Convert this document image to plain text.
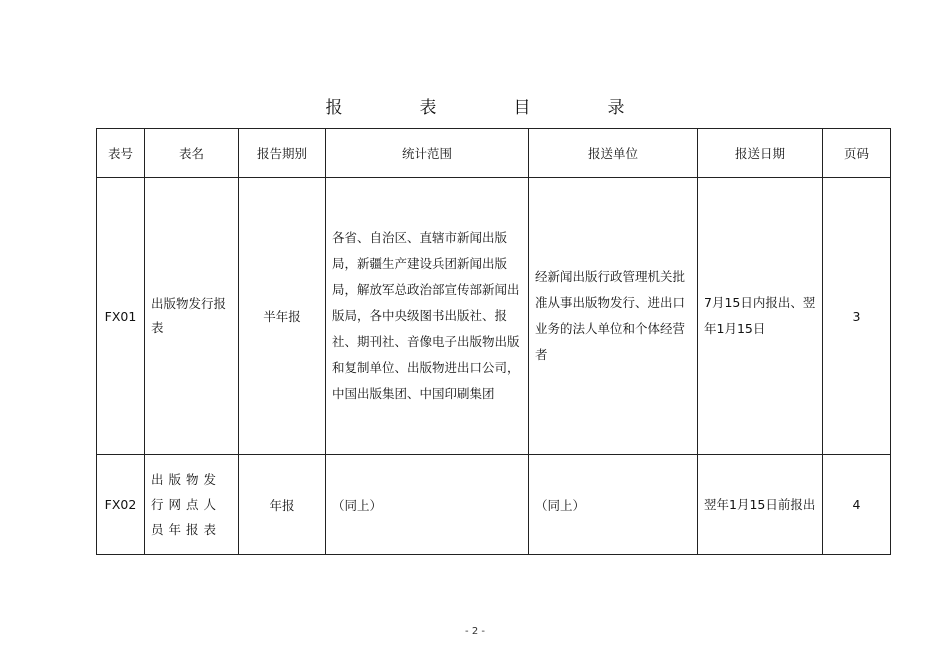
报　表　目　录
表号	表名	报告期别	统计范围	报送单位	报送日期	页码
FX01	出版物发行报表	半年报	各省、自治区、直辖市新闻出版局，新疆生产建设兵团新闻出版局，解放军总政治部宣传部新闻出版局，各中央级图书出版社、报社、期刊社、音像电子出版物出版和复制单位、出版物进出口公司，中国出版集团、中国印刷集团	经新闻出版行政管理机关批准从事出版物发行、进出口业务的法人单位和个体经营者	7月15日内报出、翌年1月15日	3
FX02	出版物发行网点人员年报表	年报	（同上）	（同上）	翌年1月15日前报出	4
- 2 -
